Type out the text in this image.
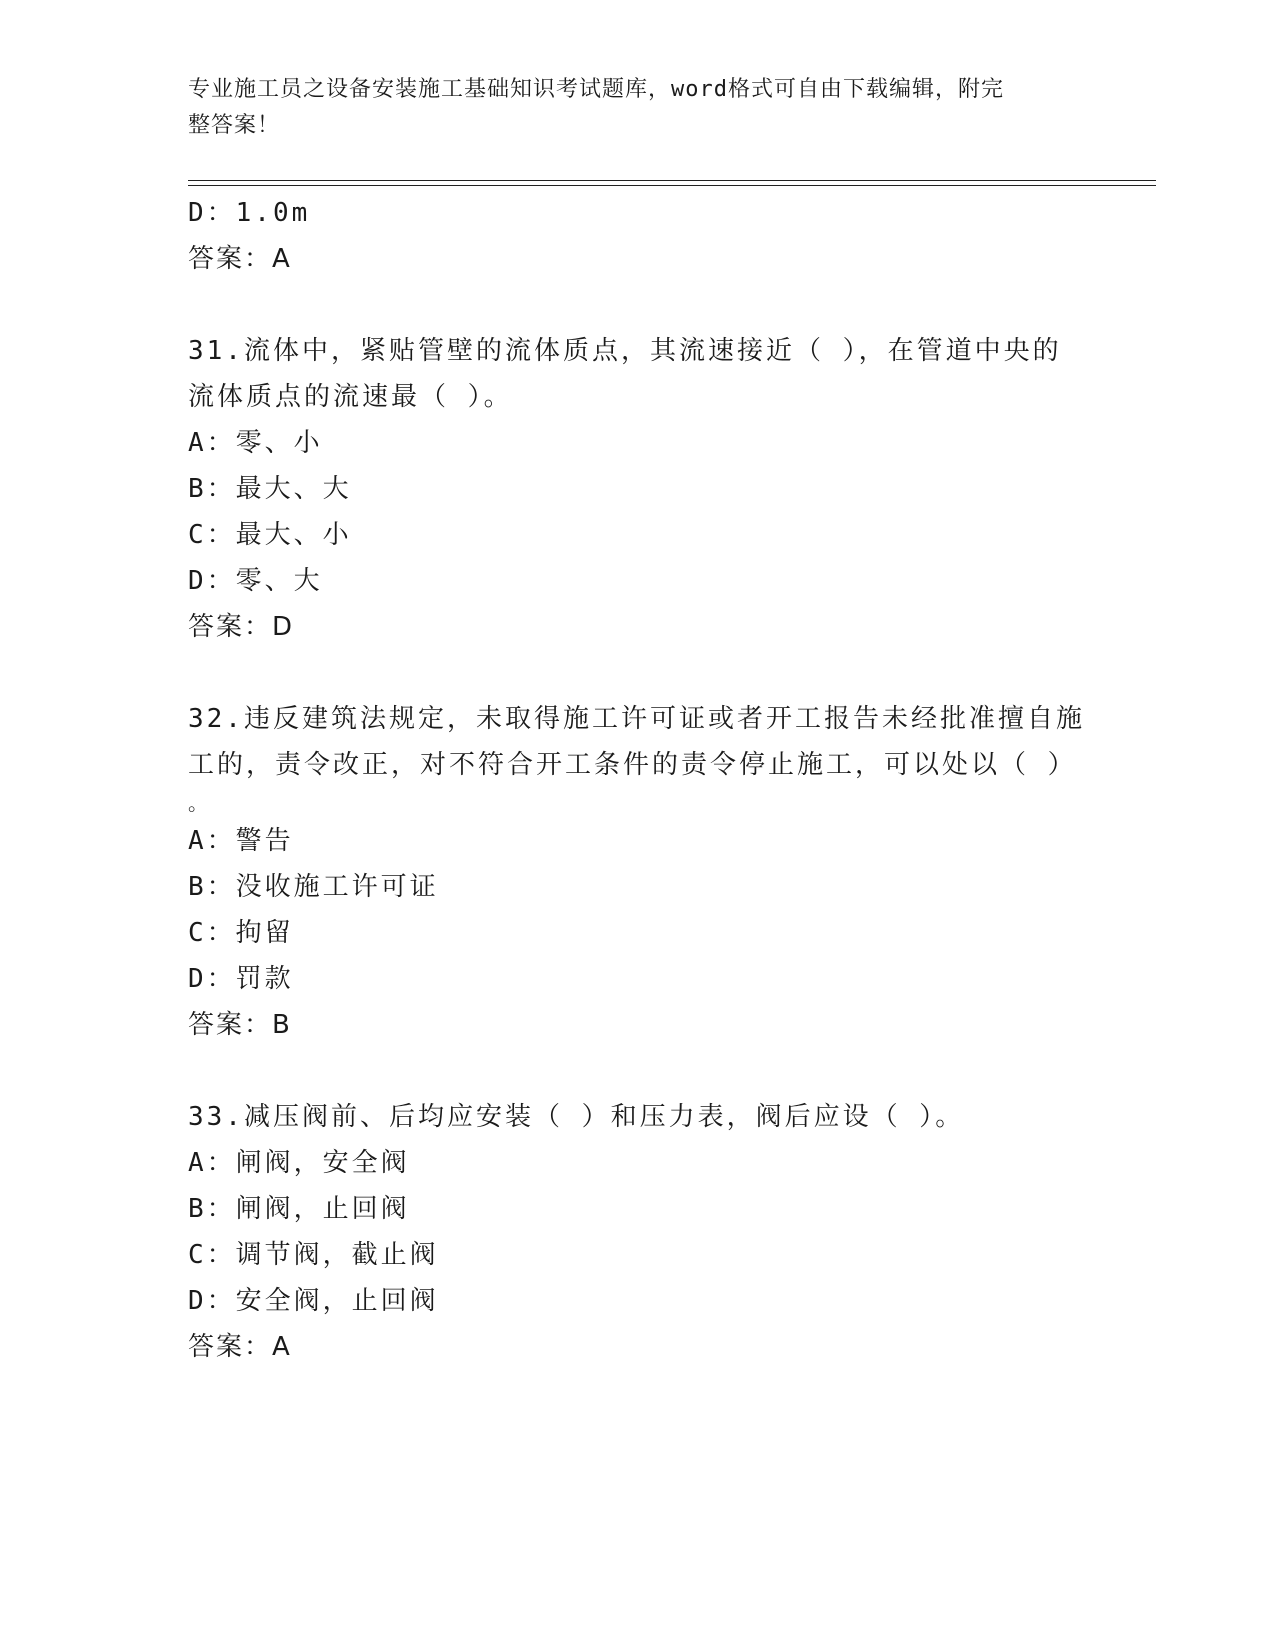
专业施工员之设备安装施工基础知识考试题库，word格式可自由下载编辑，附完
整答案！
D：1.0m
答案：A
31.流体中，紧贴管壁的流体质点，其流速接近（ ），在管道中央的
流体质点的流速最（ ）。
A：零、小
B：最大、大
C：最大、小
D：零、大
答案：D
32.违反建筑法规定，未取得施工许可证或者开工报告未经批准擅自施
工的，责令改正，对不符合开工条件的责令停止施工，可以处以（ ）
。
A：警告
B：没收施工许可证
C：拘留
D：罚款
答案：B
33.减压阀前、后均应安装（ ）和压力表，阀后应设（ ）。
A：闸阀，安全阀
B：闸阀，止回阀
C：调节阀，截止阀
D：安全阀，止回阀
答案：A
